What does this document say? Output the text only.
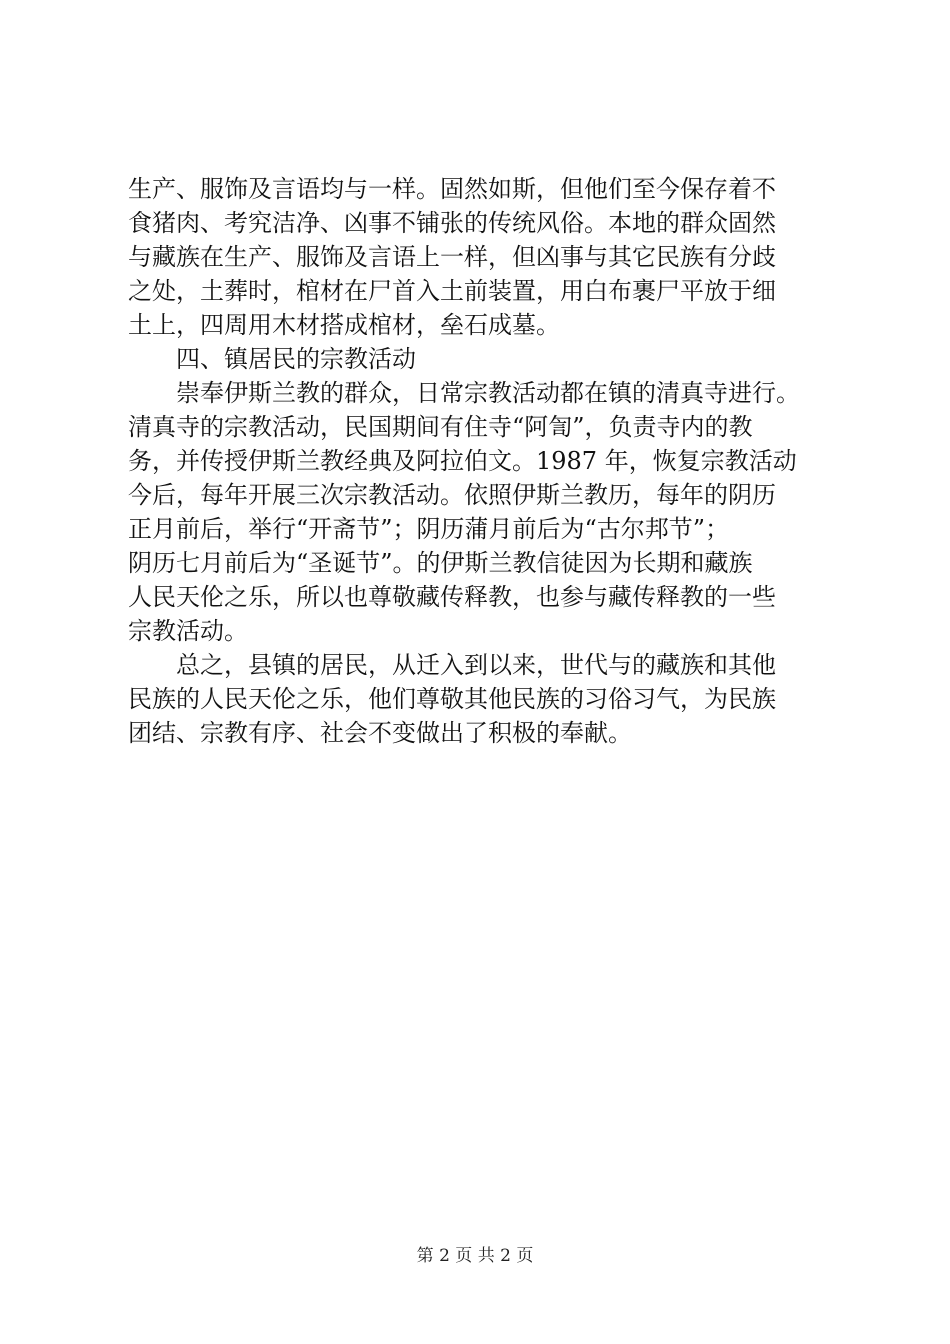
生产、服饰及言语均与一样。固然如斯，但他们至今保存着不
食猪肉、考究洁净、凶事不铺张的传统风俗。本地的群众固然
与藏族在生产、服饰及言语上一样，但凶事与其它民族有分歧
之处，土葬时，棺材在尸首入土前装置，用白布裹尸平放于细
土上，四周用木材搭成棺材，垒石成墓。
　　四、镇居民的宗教活动
　　崇奉伊斯兰教的群众，日常宗教活动都在镇的清真寺进行。
清真寺的宗教活动，民国期间有住寺“阿訇”，负责寺内的教
务，并传授伊斯兰教经典及阿拉伯文。1987 年，恢复宗教活动
今后，每年开展三次宗教活动。依照伊斯兰教历，每年的阴历
正月前后，举行“开斋节”；阴历蒲月前后为“古尔邦节”；
阴历七月前后为“圣诞节”。的伊斯兰教信徒因为长期和藏族
人民天伦之乐，所以也尊敬藏传释教，也参与藏传释教的一些
宗教活动。
　　总之，县镇的居民，从迁入到以来，世代与的藏族和其他
民族的人民天伦之乐，他们尊敬其他民族的习俗习气，为民族
团结、宗教有序、社会不变做出了积极的奉献。
第 2 页 共 2 页
